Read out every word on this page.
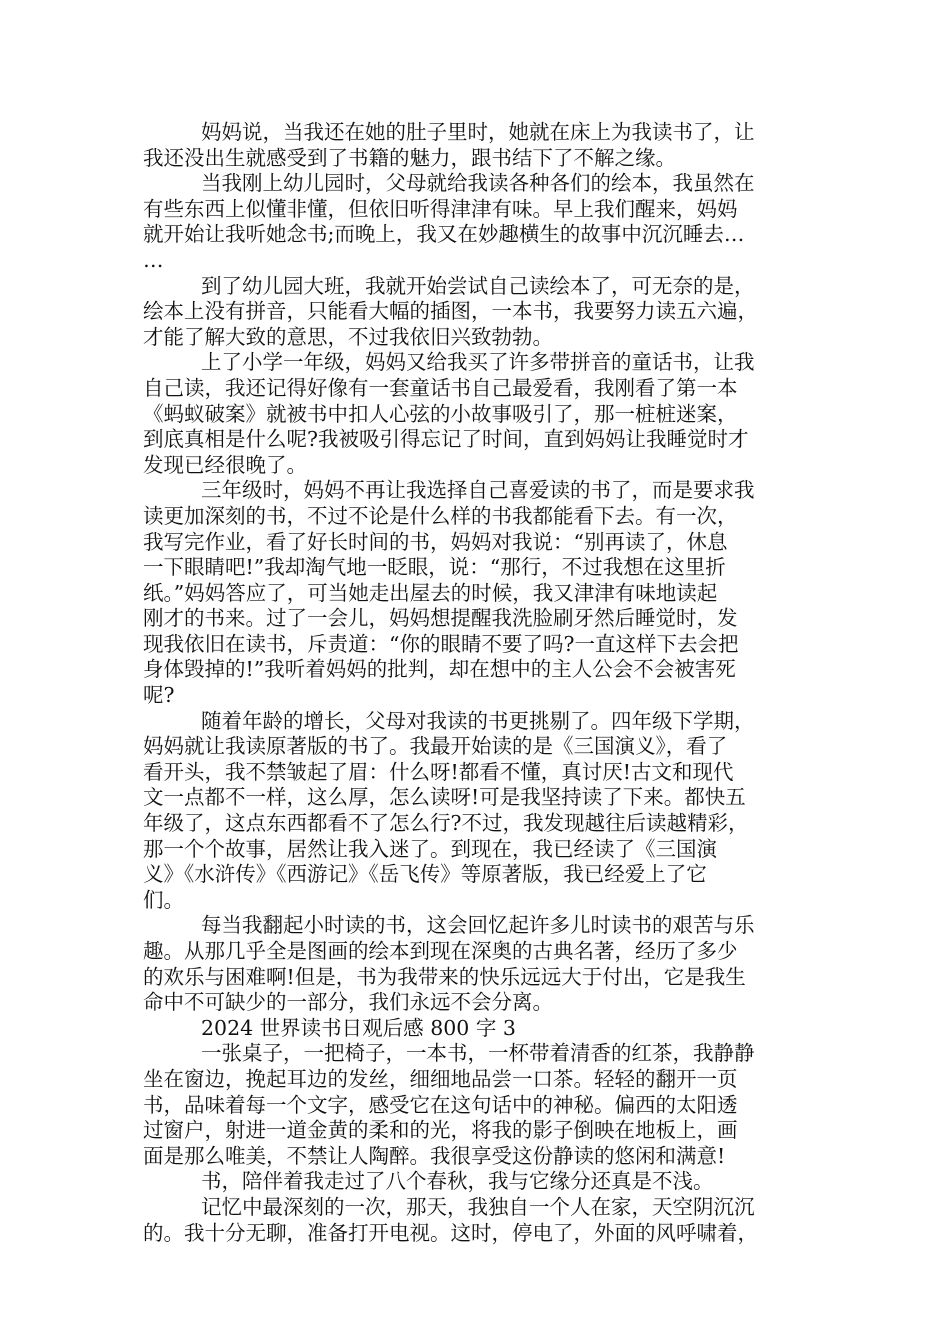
妈妈说，当我还在她的肚子里时，她就在床上为我读书了，让
我还没出生就感受到了书籍的魅力，跟书结下了不解之缘。
当我刚上幼儿园时，父母就给我读各种各们的绘本，我虽然在
有些东西上似懂非懂，但依旧听得津津有味。早上我们醒来，妈妈
就开始让我听她念书;而晚上，我又在妙趣横生的故事中沉沉睡去…
…
到了幼儿园大班，我就开始尝试自己读绘本了，可无奈的是，
绘本上没有拼音，只能看大幅的插图，一本书，我要努力读五六遍，
才能了解大致的意思，不过我依旧兴致勃勃。
上了小学一年级，妈妈又给我买了许多带拼音的童话书，让我
自己读，我还记得好像有一套童话书自己最爱看，我刚看了第一本
《蚂蚁破案》就被书中扣人心弦的小故事吸引了，那一桩桩迷案，
到底真相是什么呢?我被吸引得忘记了时间，直到妈妈让我睡觉时才
发现已经很晚了。
三年级时，妈妈不再让我选择自己喜爱读的书了，而是要求我
读更加深刻的书，不过不论是什么样的书我都能看下去。有一次，
我写完作业，看了好长时间的书，妈妈对我说：“别再读了，休息
一下眼睛吧!”我却淘气地一眨眼，说：“那行，不过我想在这里折
纸。”妈妈答应了，可当她走出屋去的时候，我又津津有味地读起
刚才的书来。过了一会儿，妈妈想提醒我洗脸刷牙然后睡觉时，发
现我依旧在读书，斥责道：“你的眼睛不要了吗?一直这样下去会把
身体毁掉的!”我听着妈妈的批判，却在想中的主人公会不会被害死
呢?
随着年龄的增长，父母对我读的书更挑剔了。四年级下学期，
妈妈就让我读原著版的书了。我最开始读的是《三国演义》，看了
看开头，我不禁皱起了眉：什么呀!都看不懂，真讨厌!古文和现代
文一点都不一样，这么厚，怎么读呀!可是我坚持读了下来。都快五
年级了，这点东西都看不了怎么行?不过，我发现越往后读越精彩，
那一个个故事，居然让我入迷了。到现在，我已经读了《三国演
义》《水浒传》《西游记》《岳飞传》等原著版，我已经爱上了它
们。
每当我翻起小时读的书，这会回忆起许多儿时读书的艰苦与乐
趣。从那几乎全是图画的绘本到现在深奥的古典名著，经历了多少
的欢乐与困难啊!但是，书为我带来的快乐远远大于付出，它是我生
命中不可缺少的一部分，我们永远不会分离。
2024 世界读书日观后感 800 字 3
一张桌子，一把椅子，一本书，一杯带着清香的红茶，我静静
坐在窗边，挽起耳边的发丝，细细地品尝一口茶。轻轻的翻开一页
书，品味着每一个文字，感受它在这句话中的神秘。偏西的太阳透
过窗户，射进一道金黄的柔和的光，将我的影子倒映在地板上，画
面是那么唯美，不禁让人陶醉。我很享受这份静读的悠闲和满意!
书，陪伴着我走过了八个春秋，我与它缘分还真是不浅。
记忆中最深刻的一次，那天，我独自一个人在家，天空阴沉沉
的。我十分无聊，准备打开电视。这时，停电了，外面的风呼啸着，
